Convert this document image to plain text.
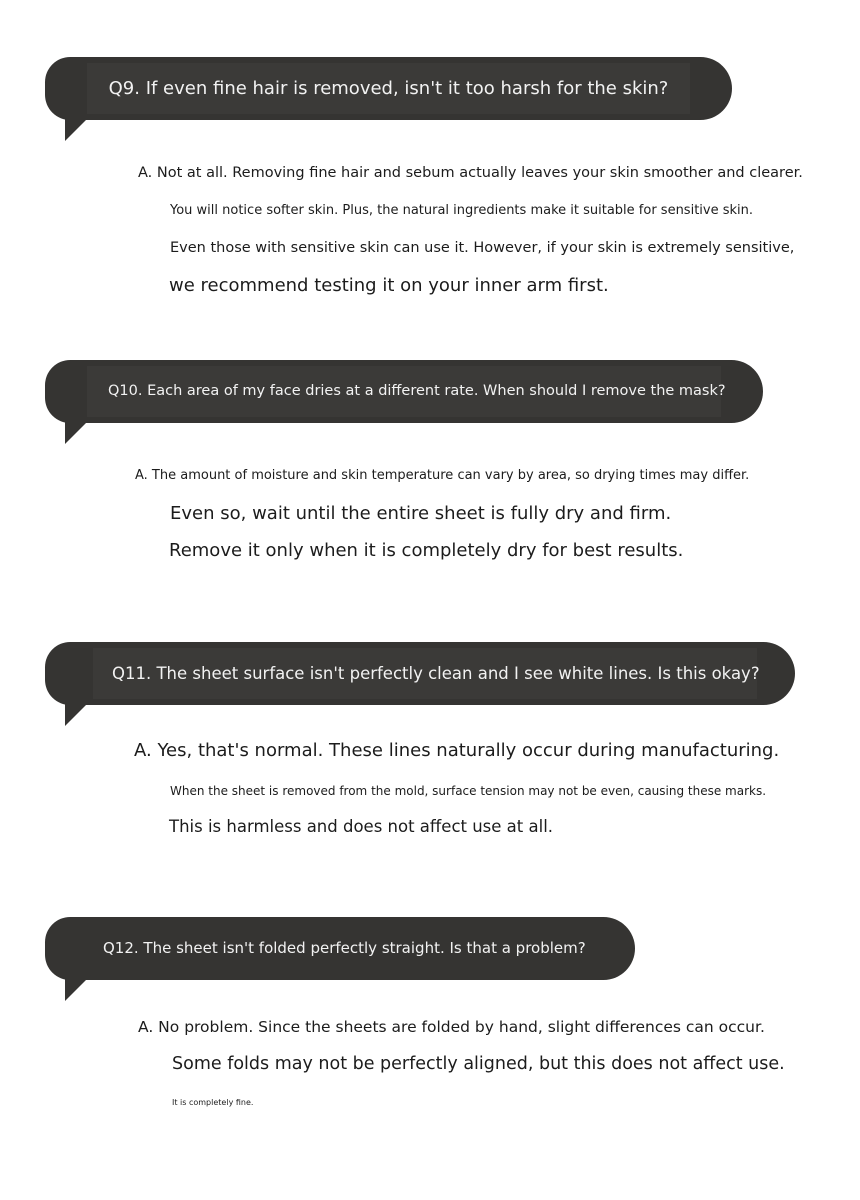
Q9. If even fine hair is removed, isn't it too harsh for the skin?
A. Not at all. Removing fine hair and sebum actually leaves your skin smoother and clearer.
You will notice softer skin. Plus, the natural ingredients make it suitable for sensitive skin.
Even those with sensitive skin can use it. However, if your skin is extremely sensitive,
we recommend testing it on your inner arm first.
Q10. Each area of my face dries at a different rate. When should I remove the mask?
A. The amount of moisture and skin temperature can vary by area, so drying times may differ.
Even so, wait until the entire sheet is fully dry and firm.
Remove it only when it is completely dry for best results.
Q11. The sheet surface isn't perfectly clean and I see white lines. Is this okay?
A. Yes, that's normal. These lines naturally occur during manufacturing.
When the sheet is removed from the mold, surface tension may not be even, causing these marks.
This is harmless and does not affect use at all.
Q12. The sheet isn't folded perfectly straight. Is that a problem?
A. No problem. Since the sheets are folded by hand, slight differences can occur.
Some folds may not be perfectly aligned, but this does not affect use.
It is completely fine.
